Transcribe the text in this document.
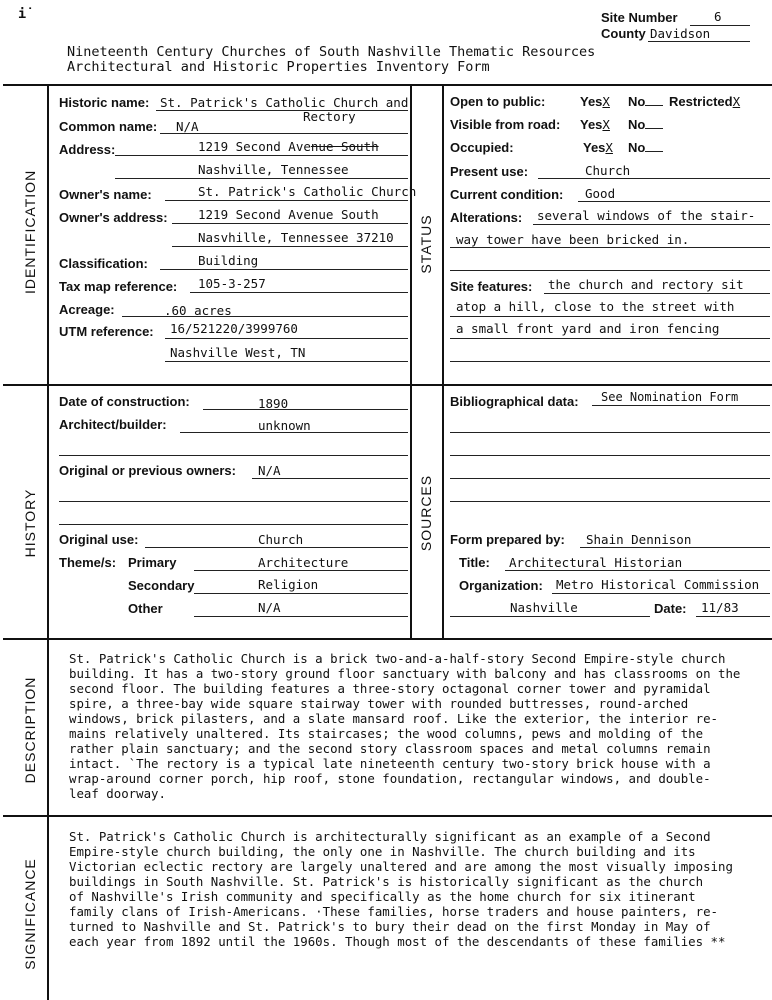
i̇	Site Number	6
County Davidson
Nineteenth Century Churches of South Nashville Thematic Resources
Architectural and Historic Properties Inventory Form
IDENTIFICATION	STATUS
HISTORY	SOURCES
DESCRIPTION
SIGNIFICANCE
Historic name: St. Patrick's Catholic Church and
Rectory
Common name: N/A
Address:	1219 Second Avenue South
Nashville, Tennessee
Owner's name:	St. Patrick's Catholic Church
Owner's address: 1219 Second Avenue South
Nasvhille, Tennessee 37210
Classification:	Building
Tax map reference: 105-3-257
Acreage:	.60 acres
UTM reference: 16/521220/3999760
Nashville West, TN
Open to public:	YesX No	RestrictedX
Visible from road: YesX No
Occupied:	YesX No
Present use:	Church
Current condition: Good
Alterations: several windows of the stair-
way tower have been bricked in.
Site features: the church and rectory sit
atop a hill, close to the street with
a small front yard and iron fencing
Date of construction:	1890
Architect/builder:	unknown
Original or previous owners: N/A
Original use:	Church
Theme/s: Primary	Architecture
Secondary	Religion
Other	N/A
Bibliographical data: See Nomination Form
Form prepared by: Shain Dennison
Title: Architectural Historian
Organization: Metro Historical Commission
Nashville	Date: 11/83
St. Patrick's Catholic Church is a brick two-and-a-half-story Second Empire-style church
building. It has a two-story ground floor sanctuary with balcony and has classrooms on the
second floor. The building features a three-story octagonal corner tower and pyramidal
spire, a three-bay wide square stairway tower with rounded buttresses, round-arched
windows, brick pilasters, and a slate mansard roof. Like the exterior, the interior re-
mains relatively unaltered. Its staircases; the wood columns, pews and molding of the
rather plain sanctuary; and the second story classroom spaces and metal columns remain
intact. `The rectory is a typical late nineteenth century two-story brick house with a
wrap-around corner porch, hip roof, stone foundation, rectangular windows, and double-
leaf doorway.
St. Patrick's Catholic Church is architecturally significant as an example of a Second
Empire-style church building, the only one in Nashville. The church building and its
Victorian eclectic rectory are largely unaltered and are among the most visually imposing
buildings in South Nashville. St. Patrick's is historically significant as the church
of Nashville's Irish community and specifically as the home church for six itinerant
family clans of Irish-Americans. ·These families, horse traders and house painters, re-
turned to Nashville and St. Patrick's to bury their dead on the first Monday in May of
each year from 1892 until the 1960s. Though most of the descendants of these families **
